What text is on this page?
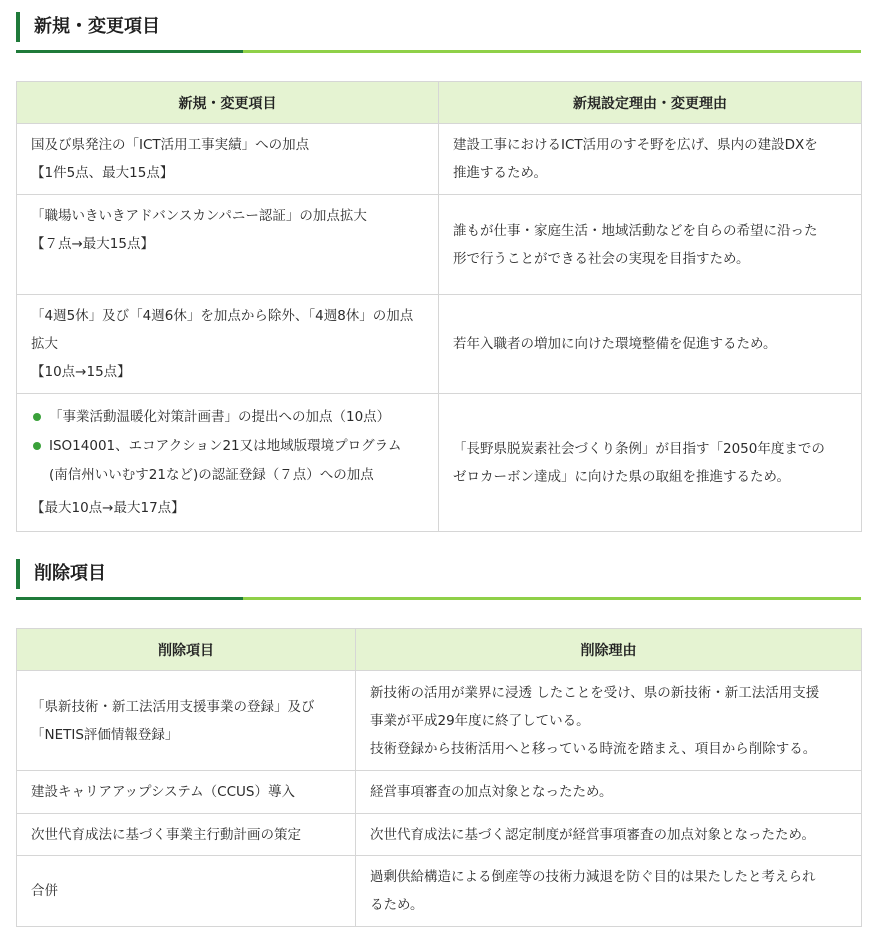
新規・変更項目
新規・変更項目	新規設定理由・変更理由

国及び県発注の「ICT活用工事実績」への加点
【1件5点、最大15点】	建設工事におけるICT活用のすそ野を広げ、県内の建設DXを
推進するため。

「職場いきいきアドバンスカンパニー認証」の加点拡大
【７点→最大15点】	誰もが仕事・家庭生活・地域活動などを自らの希望に沿った
形で行うことができる社会の実現を目指すため。

「4週5休」及び「4週6休」を加点から除外、「4週8休」の加点
拡大
【10点→15点】	若年入職者の増加に向けた環境整備を促進するため。

「事業活動温暖化対策計画書」の提出への加点（10点）
ISO14001、エコアクション21又は地域版環境プログラム
(南信州いいむす21など)の認証登録（７点）への加点
【最大10点→最大17点】	「長野県脱炭素社会づくり条例」が目指す「2050年度までの
ゼロカーボン達成」に向けた県の取組を推進するため。
削除項目
削除項目	削除理由

「県新技術・新工法活用支援事業の登録」及び
「NETIS評価情報登録」	新技術の活用が業界に浸透 したことを受け、県の新技術・新工法活用支援
事業が平成29年度に終了している。
技術登録から技術活用へと移っている時流を踏まえ、項目から削除する。

建設キャリアアップシステム（CCUS）導入	経営事項審査の加点対象となったため。
次世代育成法に基づく事業主行動計画の策定	次世代育成法に基づく認定制度が経営事項審査の加点対象となったため。
合併	過剰供給構造による倒産等の技術力減退を防ぐ目的は果たしたと考えられ
るため。
